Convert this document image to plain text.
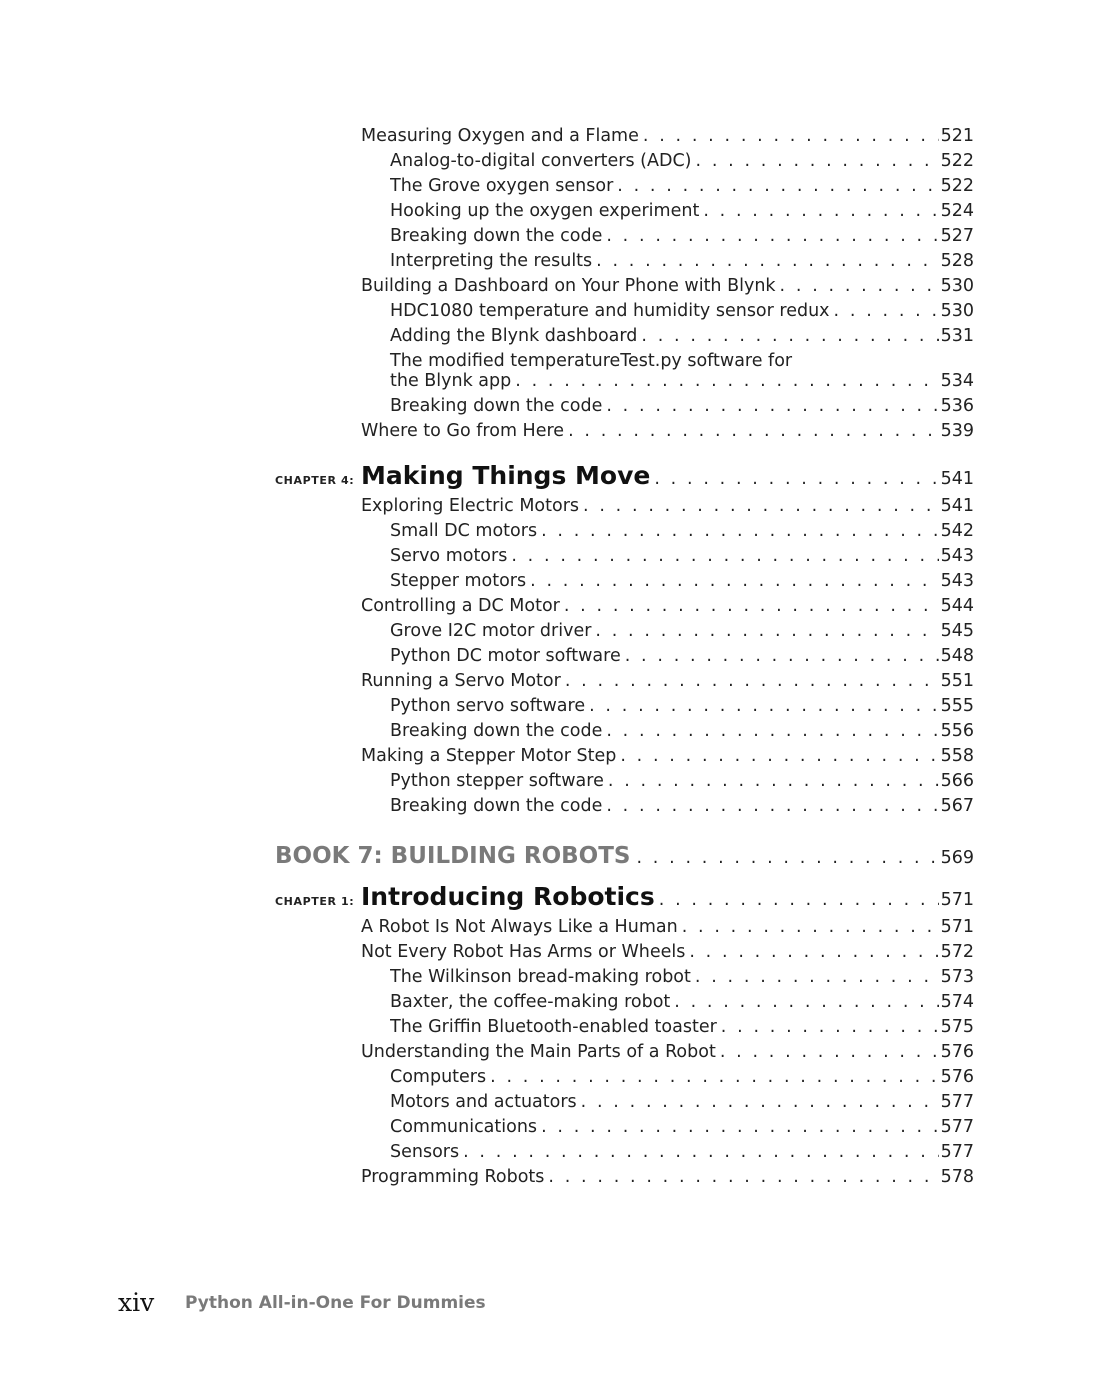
Measuring Oxygen and a Flame . . .	521
Analog-to-digital converters (ADC) . . .	522
The Grove oxygen sensor . . .	522
Hooking up the oxygen experiment . . .	524
Breaking down the code . . .	527
Interpreting the results . . .	528
Building a Dashboard on Your Phone with Blynk . . .	530
HDC1080 temperature and humidity sensor redux . . .	530
Adding the Blynk dashboard . . .	531
The modified temperatureTest.py software for
the Blynk app . . .	534
Breaking down the code . . .	536
Where to Go from Here . . .	539
CHAPTER 4: Making Things Move . . .	541
Exploring Electric Motors . . .	541
Small DC motors . . .	542
Servo motors . . .	543
Stepper motors . . .	543
Controlling a DC Motor . . .	544
Grove I2C motor driver . . .	545
Python DC motor software . . .	548
Running a Servo Motor . . .	551
Python servo software . . .	555
Breaking down the code . . .	556
Making a Stepper Motor Step . . .	558
Python stepper software . . .	566
Breaking down the code . . .	567
BOOK 7: BUILDING ROBOTS . . .	569
CHAPTER 1: Introducing Robotics . . .	571
A Robot Is Not Always Like a Human . . .	571
Not Every Robot Has Arms or Wheels . . .	572
The Wilkinson bread-making robot . . .	573
Baxter, the coffee-making robot . . .	574
The Griffin Bluetooth-enabled toaster . . .	575
Understanding the Main Parts of a Robot . . .	576
Computers . . .	576
Motors and actuators . . .	577
Communications . . .	577
Sensors . . .	577
Programming Robots . . .	578
xiv Python All-in-One For Dummies
